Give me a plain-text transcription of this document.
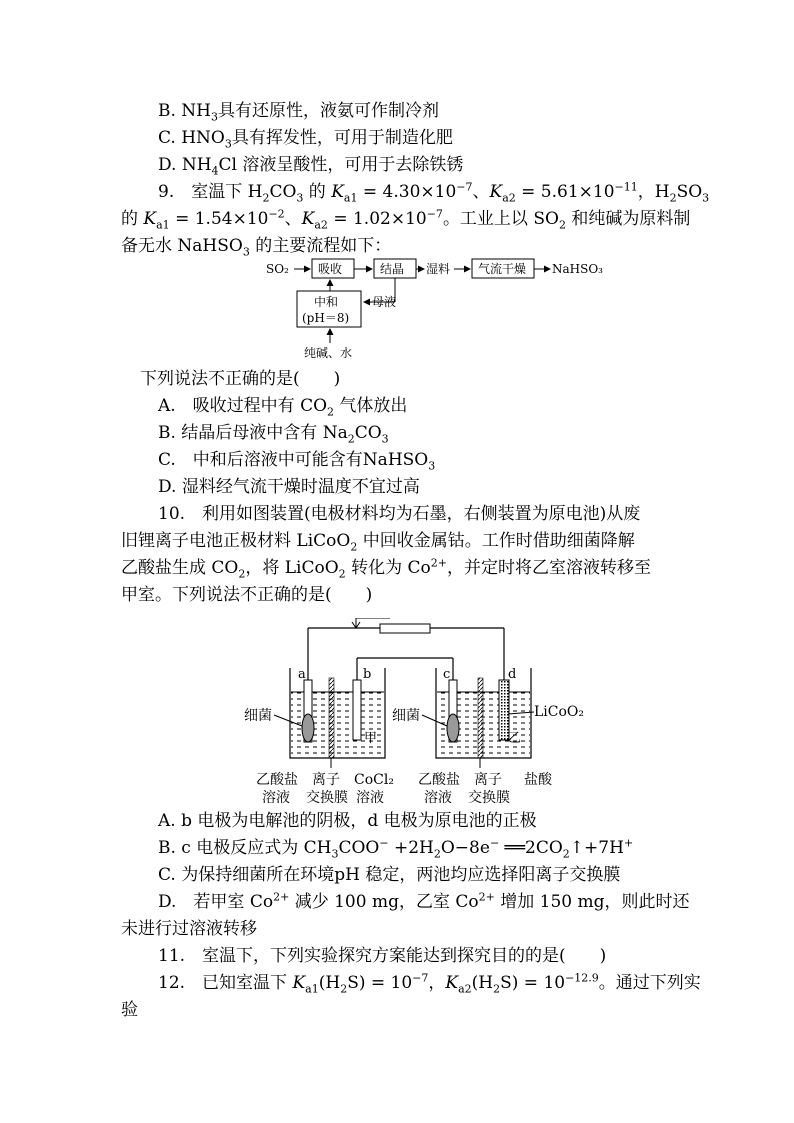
B. $NH_3$具有还原性，液氨可作制冷剂
C. $HNO_3$具有挥发性，可用于制造化肥
D. $NH_4Cl$ 溶液呈酸性，可用于去除铁锈
9.　室温下 $H_2CO_3$ 的 $K_{a1} = 4.30\times 10^{-7}$、$K_{a2} = 5.61\times 10^{-11}$，$H_2SO_3$
的 $K_{a1} = 1.54\times 10^{-2}$、$K_{a2} = 1.02\times 10^{-7}$。工业上以 $SO_2$ 和纯碱为原料制
备无水 NaHSO$_3$ 的主要流程如下：
SO₂ 吸收	结晶 湿料 气流干燥 NaHSO₃
母液
中和
(pH＝8)
纯碱、水
下列说法不正确的是(　　)
A.　吸收过程中有 $CO_2$ 气体放出
B. 结晶后母液中含有 $Na_2CO_3$
C.　中和后溶液中可能含有NaHSO$_3$
D. 湿料经气流干燥时温度不宜过高
10.　利用如图装置(电极材料均为石墨，右侧装置为原电池)从废
旧锂离子电池正极材料 LiCoO$_2$ 中回收金属钴。工作时借助细菌降解
乙酸盐生成 $CO_2$，将 LiCoO$_2$ 转化为 $Co^{2+}$，并定时将乙室溶液转移至
甲室。下列说法不正确的是(　　)
a	b
甲
细菌
c	d
乙
细菌	LiCoO₂
乙酸盐
溶液
离子
交换膜
CoCl₂
溶液
乙酸盐
溶液
离子
交换膜
盐酸
A. b 电极为电解池的阴极，d 电极为原电池的正极
B. c 电极反应式为 $CH_3COO^- +2H_2O-8e^-$ $══2CO_2↑+7H^+$
C. 为保持细菌所在环境pH 稳定，两池均应选择阳离子交换膜
D.　若甲室 $Co^{2+}$ 减少 100 mg，乙室 $Co^{2+}$ 增加 150 mg，则此时还
未进行过溶液转移
11.　室温下，下列实验探究方案能达到探究目的的是(　　)
12.　已知室温下 $K_{a1}(H_2S) = 10^{-7}$，$K_{a2}(H_2S) = 10^{-12.9}$。通过下列实
验
